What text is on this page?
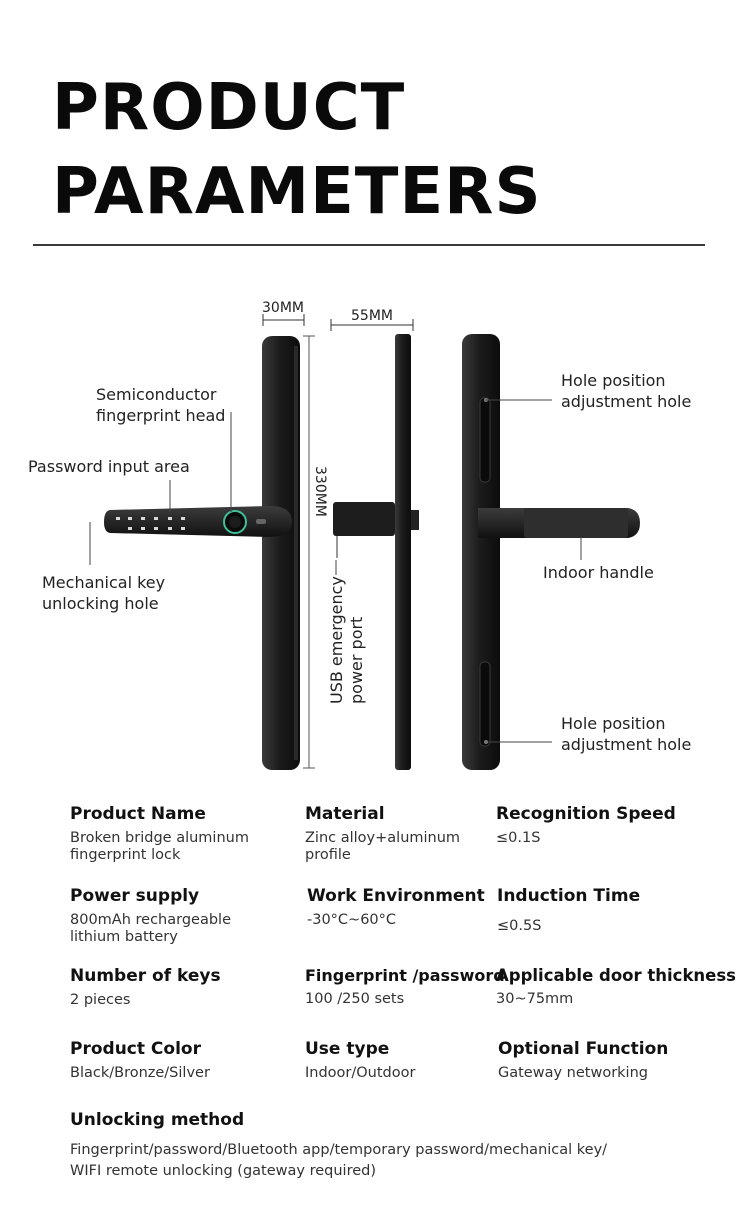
PRODUCT
PARAMETERS
30MM
330MM
55MM
Semiconductor
fingerprint head
Password input area
Mechanical key
unlocking hole	USB emergency power port
Hole position
adjustment hole
Indoor handle
Hole position
adjustment hole
Product Name
Broken bridge aluminum
fingerprint lock
Material
Zinc alloy+aluminum
profile
Recognition Speed
≤0.1S
Power supply
800mAh rechargeable
lithium battery
Work Environment
-30°C~60°C
Induction Time
≤0.5S
Number of keys
2 pieces
Fingerprint /password
100 /250 sets
Applicable door thickness
30~75mm
Product Color
Black/Bronze/Silver
Use type
Indoor/Outdoor
Optional Function
Gateway networking
Unlocking method
Fingerprint/password/Bluetooth app/temporary password/mechanical key/
WIFI remote unlocking (gateway required)
